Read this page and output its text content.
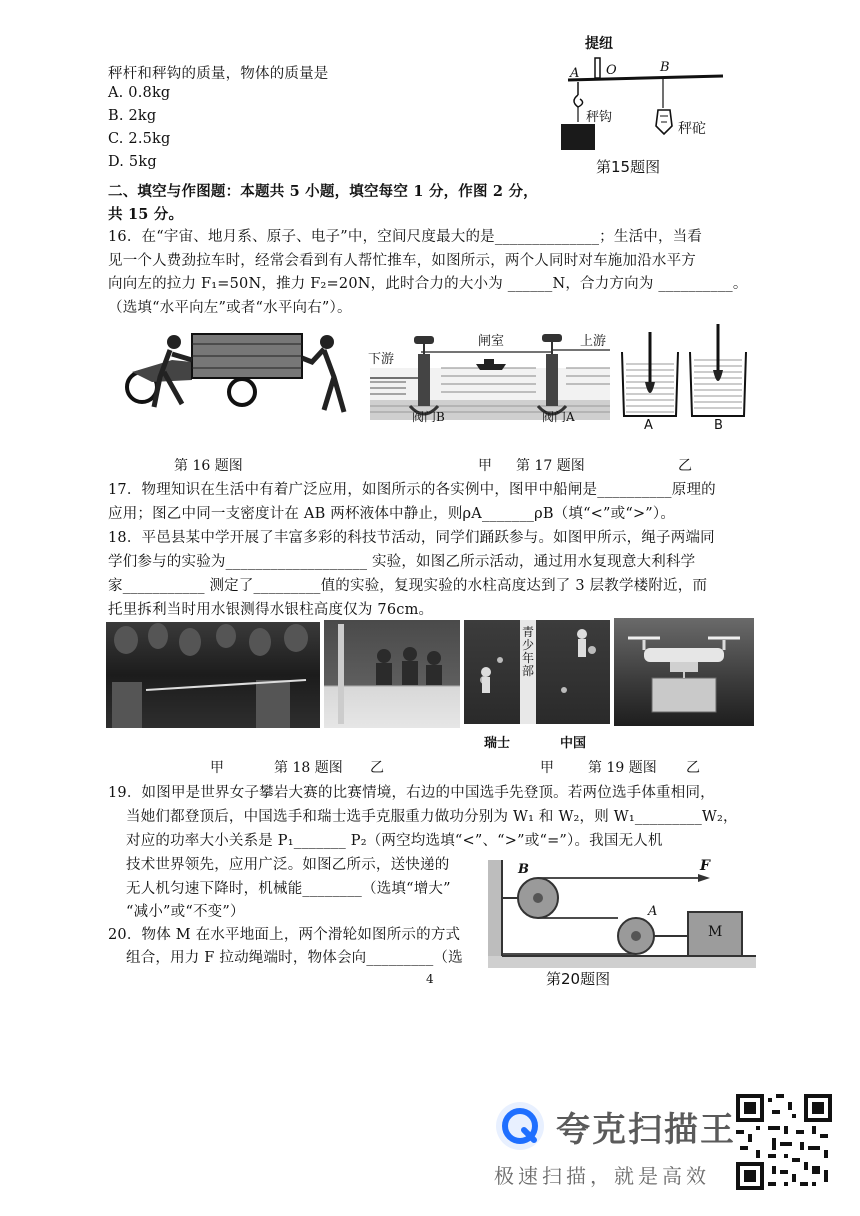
秤杆和秤钩的质量，物体的质量是
A. 0.8kg
B. 2kg
C. 2.5kg
D. 5kg
提纽
A O	B
秤钩
秤砣
第15题图
二、填空与作图题：本题共 5 小题，填空每空 1 分，作图 2 分，
共 15 分。
16．在“宇宙、地月系、原子、电子”中，空间尺度最大的是______________；生活中，当看
见一个人费劲拉车时，经常会看到有人帮忙推车，如图所示，两个人同时对车施加沿水平方
向向左的拉力 F₁=50N，推力 F₂=20N，此时合力的大小为 ______N，合力方向为 __________。
（选填“水平向左”或者“水平向右”）。
下游
闸室	上游
阀门B	阀门A
A	B
第 16 题图	甲 第 17 题图	乙
17．物理知识在生活中有着广泛应用，如图所示的各实例中，图甲中船闸是__________原理的
应用；图乙中同一支密度计在 AB 两杯液体中静止，则ρA_______ρB（填“<”或“>”）。
18．平邑县某中学开展了丰富多彩的科技节活动，同学们踊跃参与。如图甲所示，绳子两端同
学们参与的实验为___________________ 实验，如图乙所示活动，通过用水复现意大利科学
家___________ 测定了_________值的实验，复现实验的水柱高度达到了 3 层教学楼附近，而
托里拆利当时用水银测得水银柱高度仅为 76cm。
青少年部
瑞士	中国
甲	第 18 题图 乙	甲 第 19 题图 乙
19．如图甲是世界女子攀岩大赛的比赛情境，右边的中国选手先登顶。若两位选手体重相同，
当她们都登顶后，中国选手和瑞士选手克服重力做功分别为 W₁ 和 W₂，则 W₁_________W₂，
对应的功率大小关系是 P₁_______ P₂（两空均选填“<”、“>”或“=”）。我国无人机
技术世界领先，应用广泛。如图乙所示，送快递的
无人机匀速下降时，机械能________（选填“增大”
“减小”或“不变”）
20．物体 M 在水平地面上，两个滑轮如图所示的方式
组合，用力 F 拉动绳端时，物体会向_________（选
B	F
A
M
第20题图
4
夸克扫描王
极速扫描，就是高效
